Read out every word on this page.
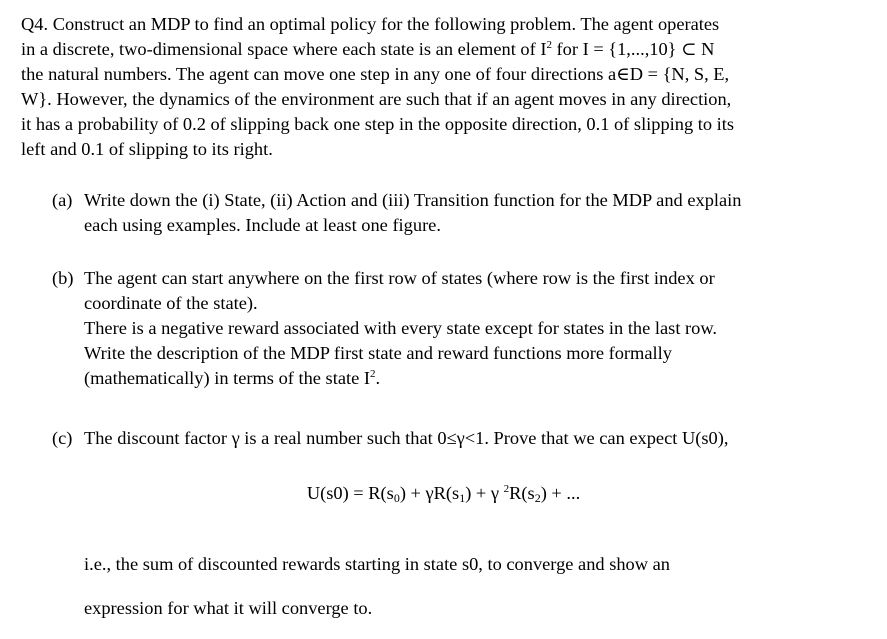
Q4. Construct an MDP to find an optimal policy for the following problem. The agent operates

in a discrete, two-dimensional space where each state is an element of $I^2$ for I = {1,...,10} ⊂ N

the natural numbers. The agent can move one step in any one of four directions a∈D = {N, S, E,

W}. However, the dynamics of the environment are such that if an agent moves in any direction,

it has a probability of 0.2 of slipping back one step in the opposite direction, 0.1 of slipping to its

left and 0.1 of slipping to its right.

(a) Write down the (i) State, (ii) Action and (iii) Transition function for the MDP and explain

each using examples. Include at least one figure.

(b) The agent can start anywhere on the first row of states (where row is the first index or

coordinate of the state).

There is a negative reward associated with every state except for states in the last row.

Write the description of the MDP first state and reward functions more formally

(mathematically) in terms of the state $I^2$.

(c) The discount factor γ is a real number such that 0≤γ<1. Prove that we can expect U(s0),

$U(s0) = R(s_0) + \gamma R(s_1) + \gamma$ $^2R(s_2)$ + ...

i.e., the sum of discounted rewards starting in state s0, to converge and show an

expression for what it will converge to.
